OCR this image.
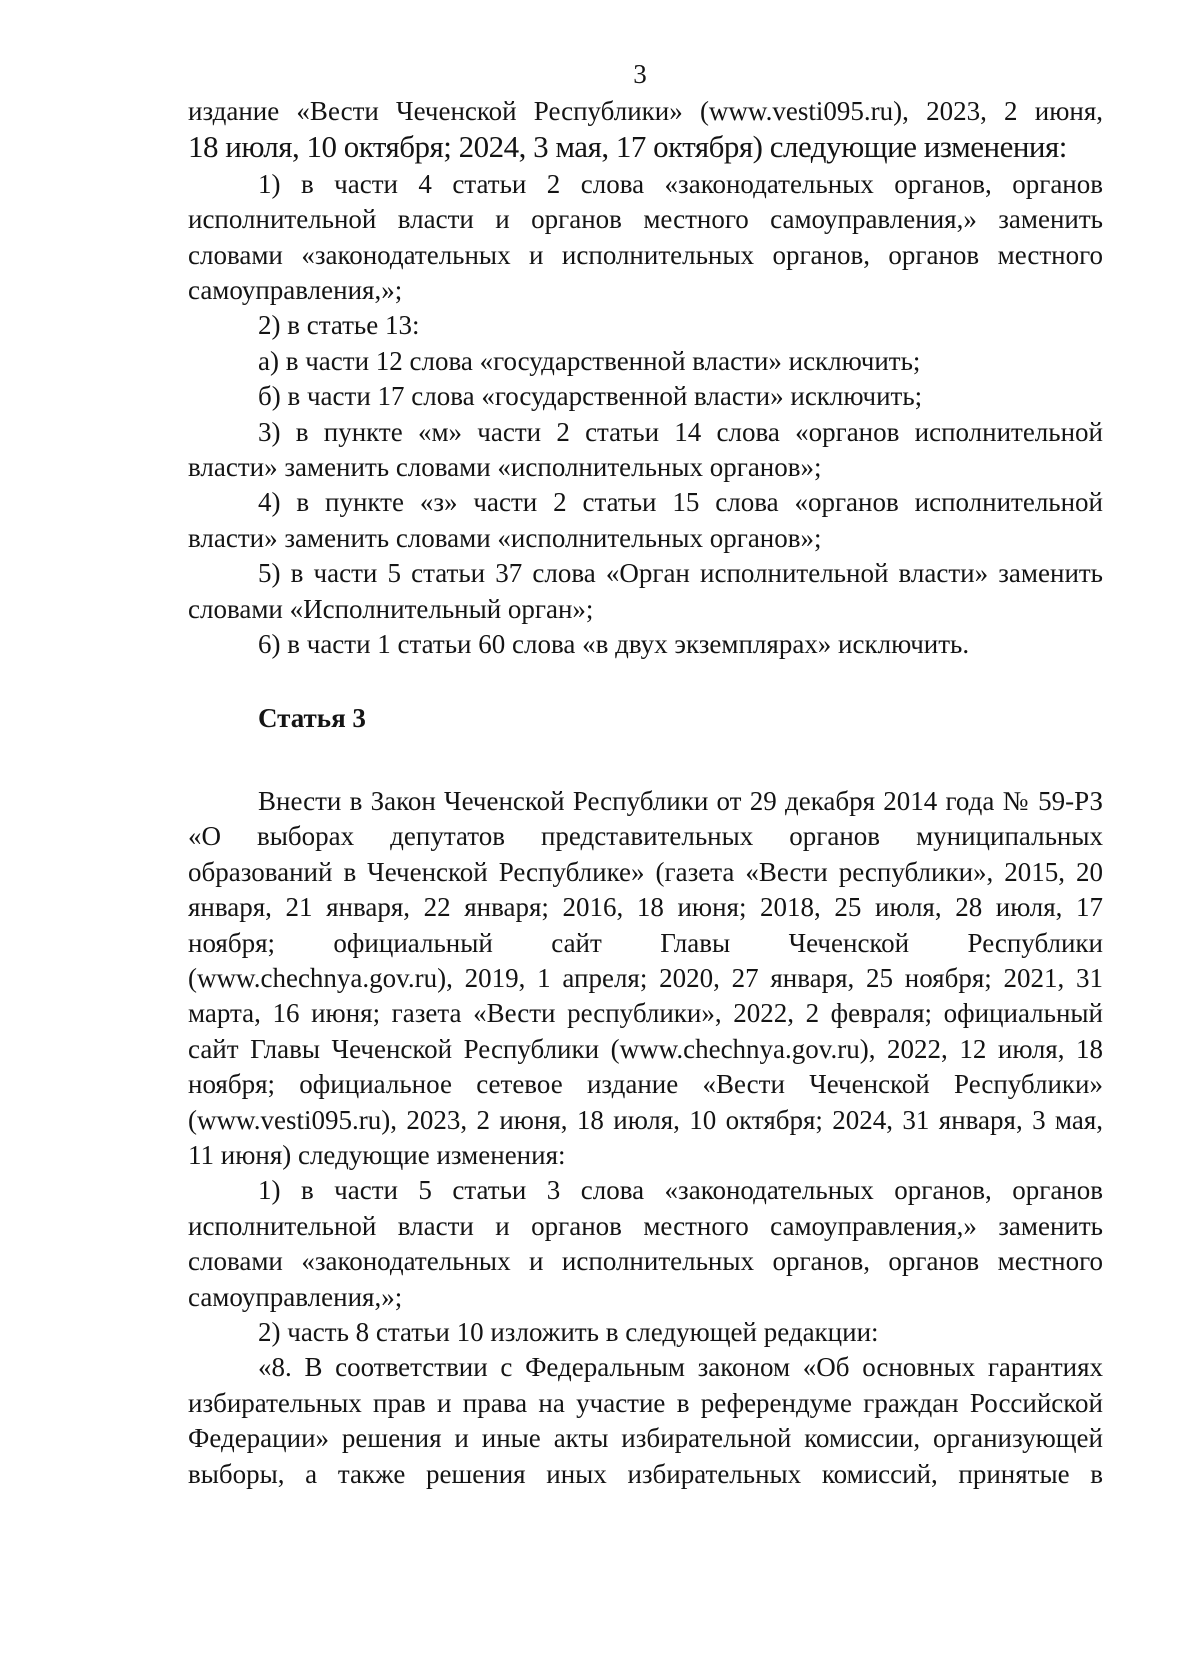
3

издание «Вести Чеченской Республики» (www.vesti095.ru), 2023, 2 июня,

18 июля, 10 октября; 2024, 3 мая, 17 октября) следующие изменения:

1) в части 4 статьи 2 слова «законодательных органов, органов исполнительной власти и органов местного самоуправления,» заменить словами «законодательных и исполнительных органов, органов местного самоуправления,»;

2) в статье 13:

а) в части 12 слова «государственной власти» исключить;

б) в части 17 слова «государственной власти» исключить;

3) в пункте «м» части 2 статьи 14 слова «органов исполнительной власти» заменить словами «исполнительных органов»;

4) в пункте «з» части 2 статьи 15 слова «органов исполнительной власти» заменить словами «исполнительных органов»;

5) в части 5 статьи 37 слова «Орган исполнительной власти» заменить словами «Исполнительный орган»;

6) в части 1 статьи 60 слова «в двух экземплярах» исключить.

Статья 3

Внести в Закон Чеченской Республики от 29 декабря 2014 года № 59-РЗ «О выборах депутатов представительных органов муниципальных образований в Чеченской Республике» (газета «Вести республики», 2015, 20 января, 21 января, 22 января; 2016, 18 июня; 2018, 25 июля, 28 июля, 17 ноября; официальный сайт Главы Чеченской Республики (www.chechnya.gov.ru), 2019, 1 апреля; 2020, 27 января, 25 ноября; 2021, 31 марта, 16 июня; газета «Вести республики», 2022, 2 февраля; официальный сайт Главы Чеченской Республики (www.chechnya.gov.ru), 2022, 12 июля, 18 ноября; официальное сетевое издание «Вести Чеченской Республики» (www.vesti095.ru), 2023, 2 июня, 18 июля, 10 октября; 2024, 31 января, 3 мая, 11 июня) следующие изменения:

1) в части 5 статьи 3 слова «законодательных органов, органов исполнительной власти и органов местного самоуправления,» заменить словами «законодательных и исполнительных органов, органов местного самоуправления,»;

2) часть 8 статьи 10 изложить в следующей редакции:

«8. В соответствии с Федеральным законом «Об основных гарантиях избирательных прав и права на участие в референдуме граждан Российской Федерации» решения и иные акты избирательной комиссии, организующей выборы, а также решения иных избирательных комиссий, принятые в
